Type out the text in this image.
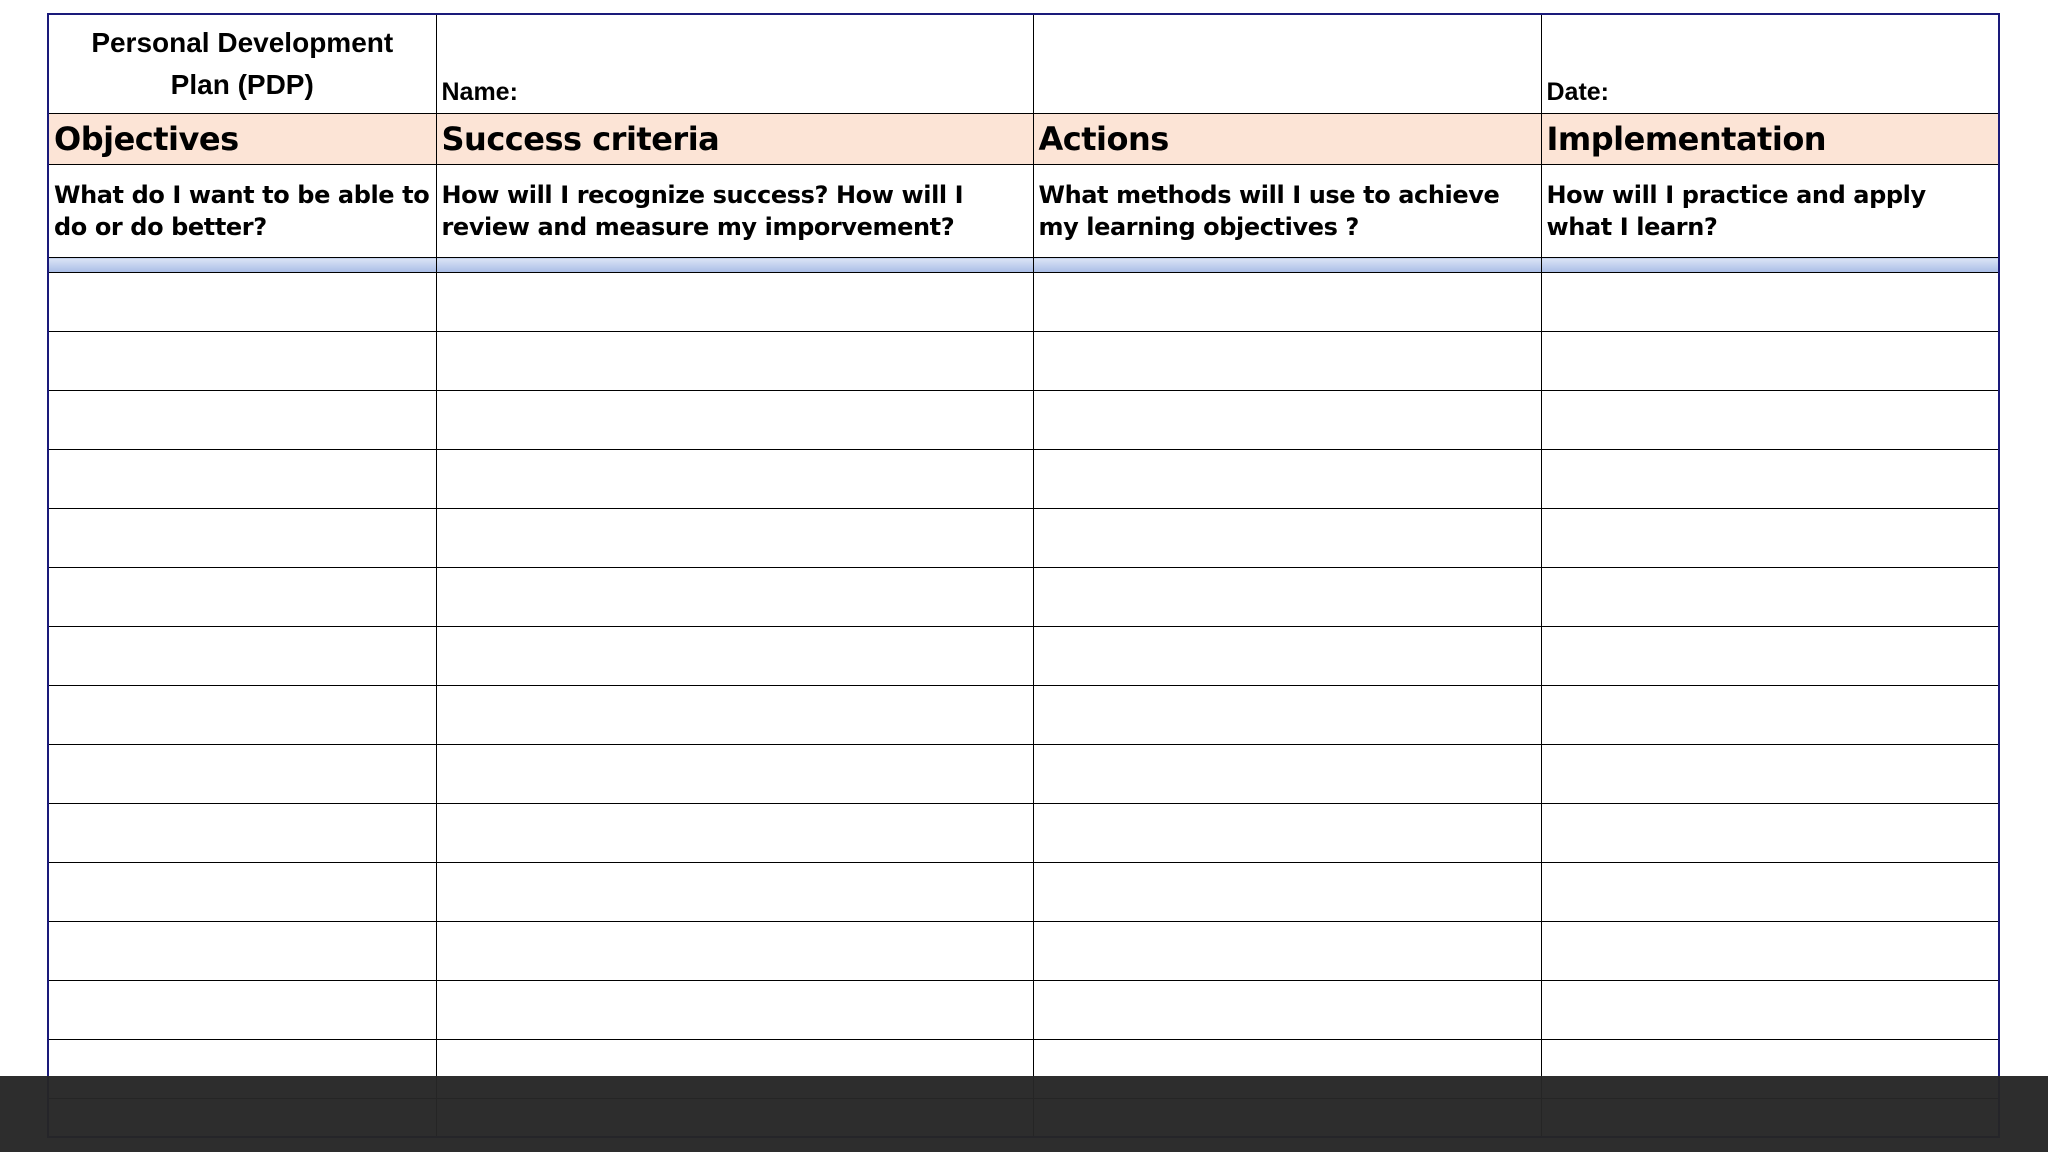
Personal Development
Plan (PDP)	Name:		Date:
Objectives	Success criteria	Actions	Implementation
What do I want to be able to do or do better?	How will I recognize success? How will I review and measure my imporvement?	What methods will I use to achieve my learning objectives ?	How will I practice and apply what I learn?
